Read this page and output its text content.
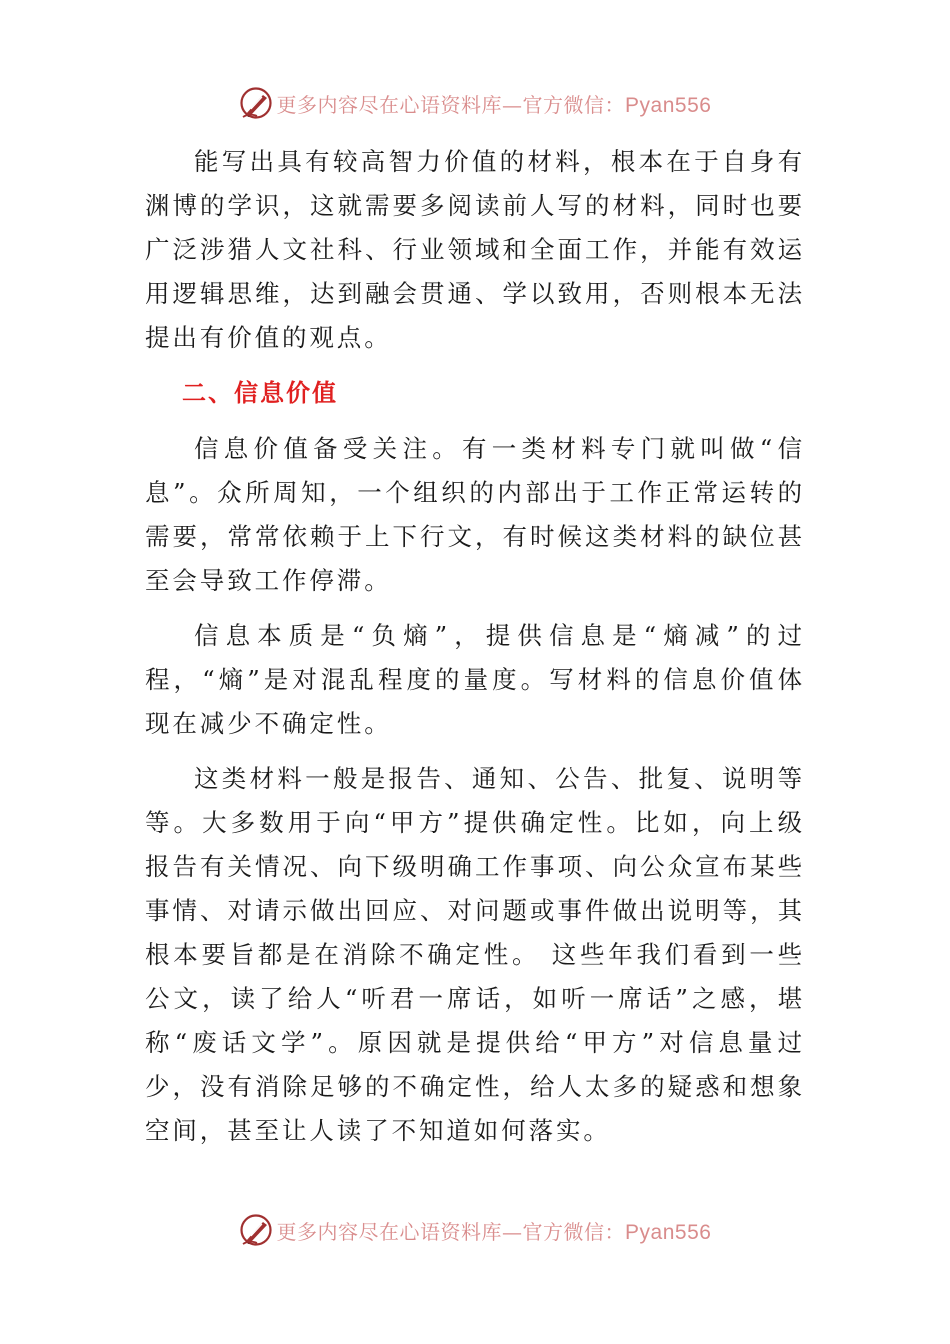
更多内容尽在心语资料库—官方微信：Pyan556

能写出具有较高智力价值的材料，根本在于自身有渊博的学识，这就需要多阅读前人写的材料，同时也要广泛涉猎人文社科、行业领域和全面工作，并能有效运用逻辑思维，达到融会贯通、学以致用，否则根本无法提出有价值的观点。

二、信息价值

信息价值备受关注。有一类材料专门就叫做“信息”。众所周知，一个组织的内部出于工作正常运转的需要，常常依赖于上下行文，有时候这类材料的缺位甚至会导致工作停滞。

信息本质是“负熵”，提供信息是“熵减”的过程，“熵”是对混乱程度的量度。写材料的信息价值体现在减少不确定性。

这类材料一般是报告、通知、公告、批复、说明等等。大多数用于向“甲方”提供确定性。比如，向上级报告有关情况、向下级明确工作事项、向公众宣布某些事情、对请示做出回应、对问题或事件做出说明等，其根本要旨都是在消除不确定性。 这些年我们看到一些公文，读了给人“听君一席话，如听一席话”之感，堪称“废话文学”。原因就是提供给“甲方”对信息量过少，没有消除足够的不确定性，给人太多的疑惑和想象空间，甚至让人读了不知道如何落实。

更多内容尽在心语资料库—官方微信：Pyan556
